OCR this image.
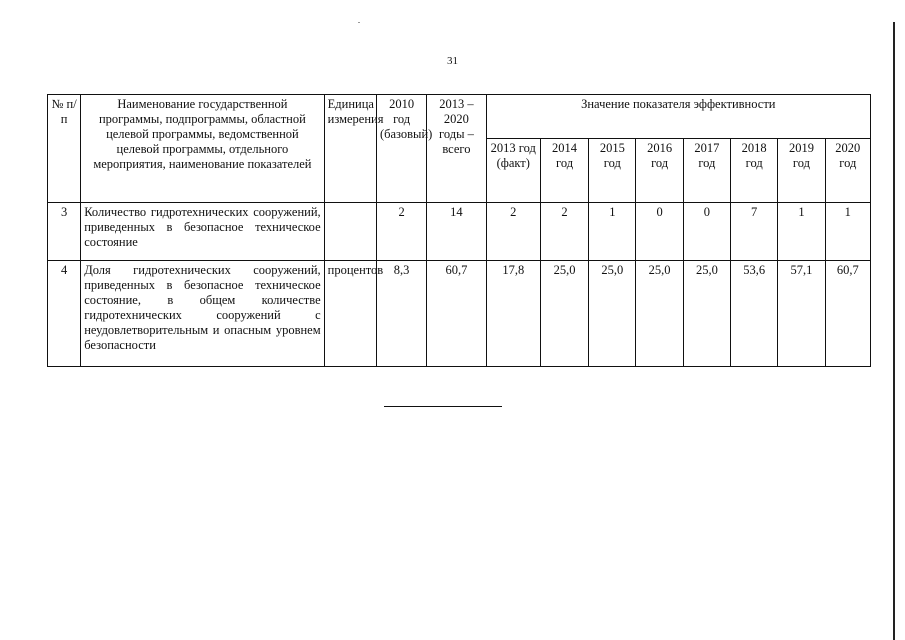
31
№ п/п	Наименование государственной программы, подпрограммы, областной целевой программы, ведомственной целевой программы, отдельного мероприятия, наименование показателей	Единица измерения	2010 год (базовый)	2013 – 2020 годы – всего	Значение показателя эффективности							
					2013 год (факт)	2014 год	2015 год	2016 год	2017 год	2018 год	2019 год	2020 год
3	Количество гидротехнических сооружений, приведенных в безопасное техническое состояние		2	14	2	2	1	0	0	7	1	1
4	Доля гидротехнических сооружений, приведенных в безопасное техническое состояние, в общем количестве гидротехнических сооружений с неудовлетворительным и опасным уровнем безопасности	процентов	8,3	60,7	17,8	25,0	25,0	25,0	25,0	53,6	57,1	60,7
